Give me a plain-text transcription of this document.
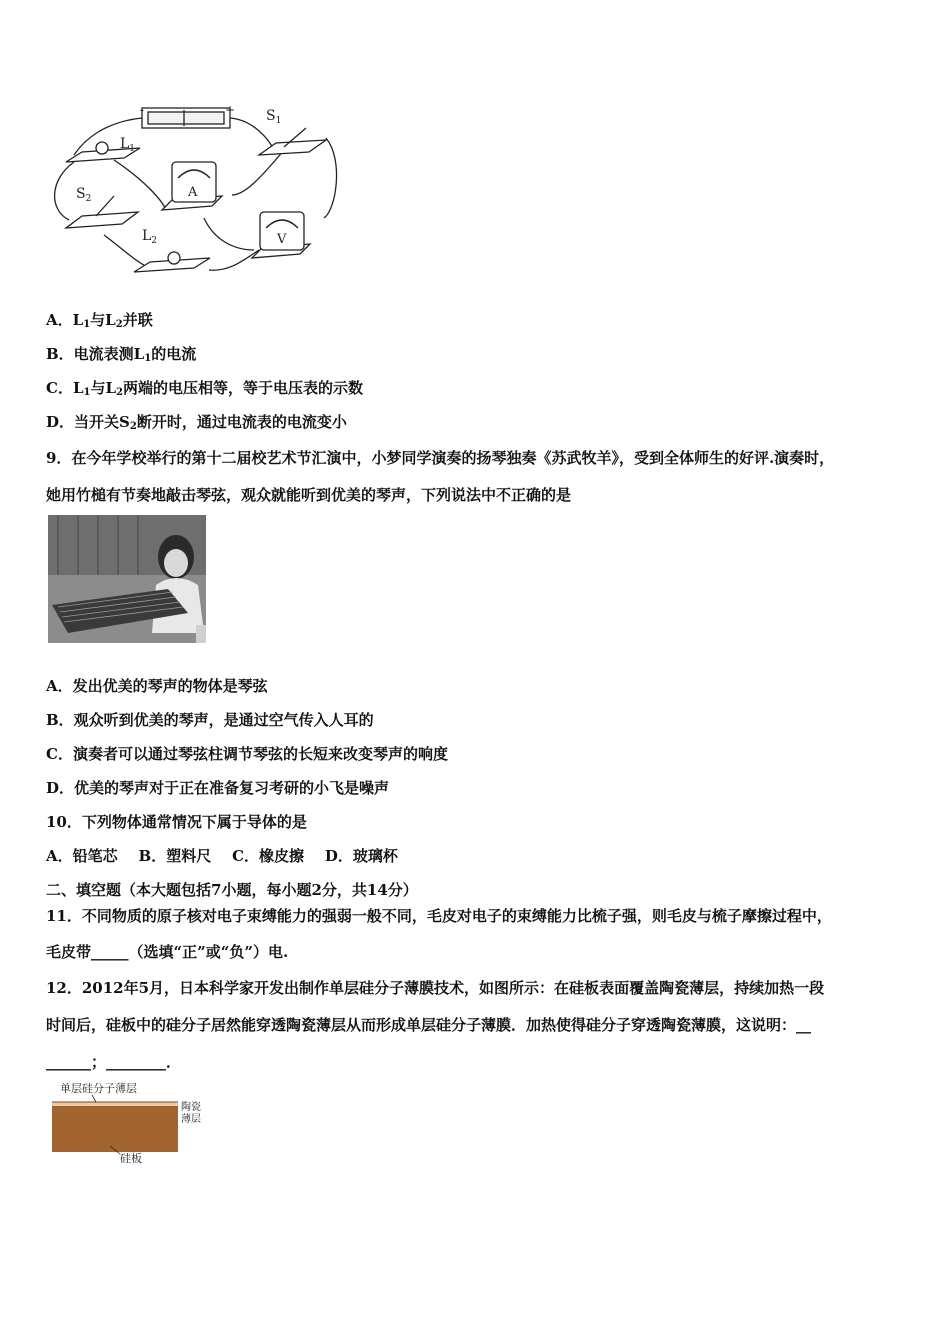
-	+ $S_1$
$L_1$
$S_2$
$L_2$
A
V
A．$L_1$与$L_2$并联
B．电流表测$L_1$的电流
C．$L_1$与$L_2$两端的电压相等，等于电压表的示数
D．当开关$S_2$断开时，通过电流表的电流变小
9．在今年学校举行的第十二届校艺术节汇演中，小梦同学演奏的扬琴独奏《苏武牧羊》，受到全体师生的好评.演奏时，
她用竹槌有节奏地敲击琴弦，观众就能听到优美的琴声，下列说法中不正确的是
A．发出优美的琴声的物体是琴弦
B．观众听到优美的琴声，是通过空气传入人耳的
C．演奏者可以通过琴弦柱调节琴弦的长短来改变琴声的响度
D．优美的琴声对于正在准备复习考研的小飞是噪声
10．下列物体通常情况下属于导体的是
A．铅笔芯    B．塑料尺    C．橡皮擦    D．玻璃杯
二、填空题（本大题包括7小题，每小题2分，共14分）
11．不同物质的原子核对电子束缚能力的强弱一般不同，毛皮对电子的束缚能力比梳子强，则毛皮与梳子摩擦过程中，
毛皮带_____（选填“正”或“负”）电.
12．2012年5月，日本科学家开发出制作单层硅分子薄膜技术，如图所示：在硅板表面覆盖陶瓷薄层，持续加热一段
时间后，硅板中的硅分子居然能穿透陶瓷薄层从而形成单层硅分子薄膜．加热使得硅分子穿透陶瓷薄膜，这说明：__
______；________．
单层硅分子薄层
陶瓷
薄层
硅板
